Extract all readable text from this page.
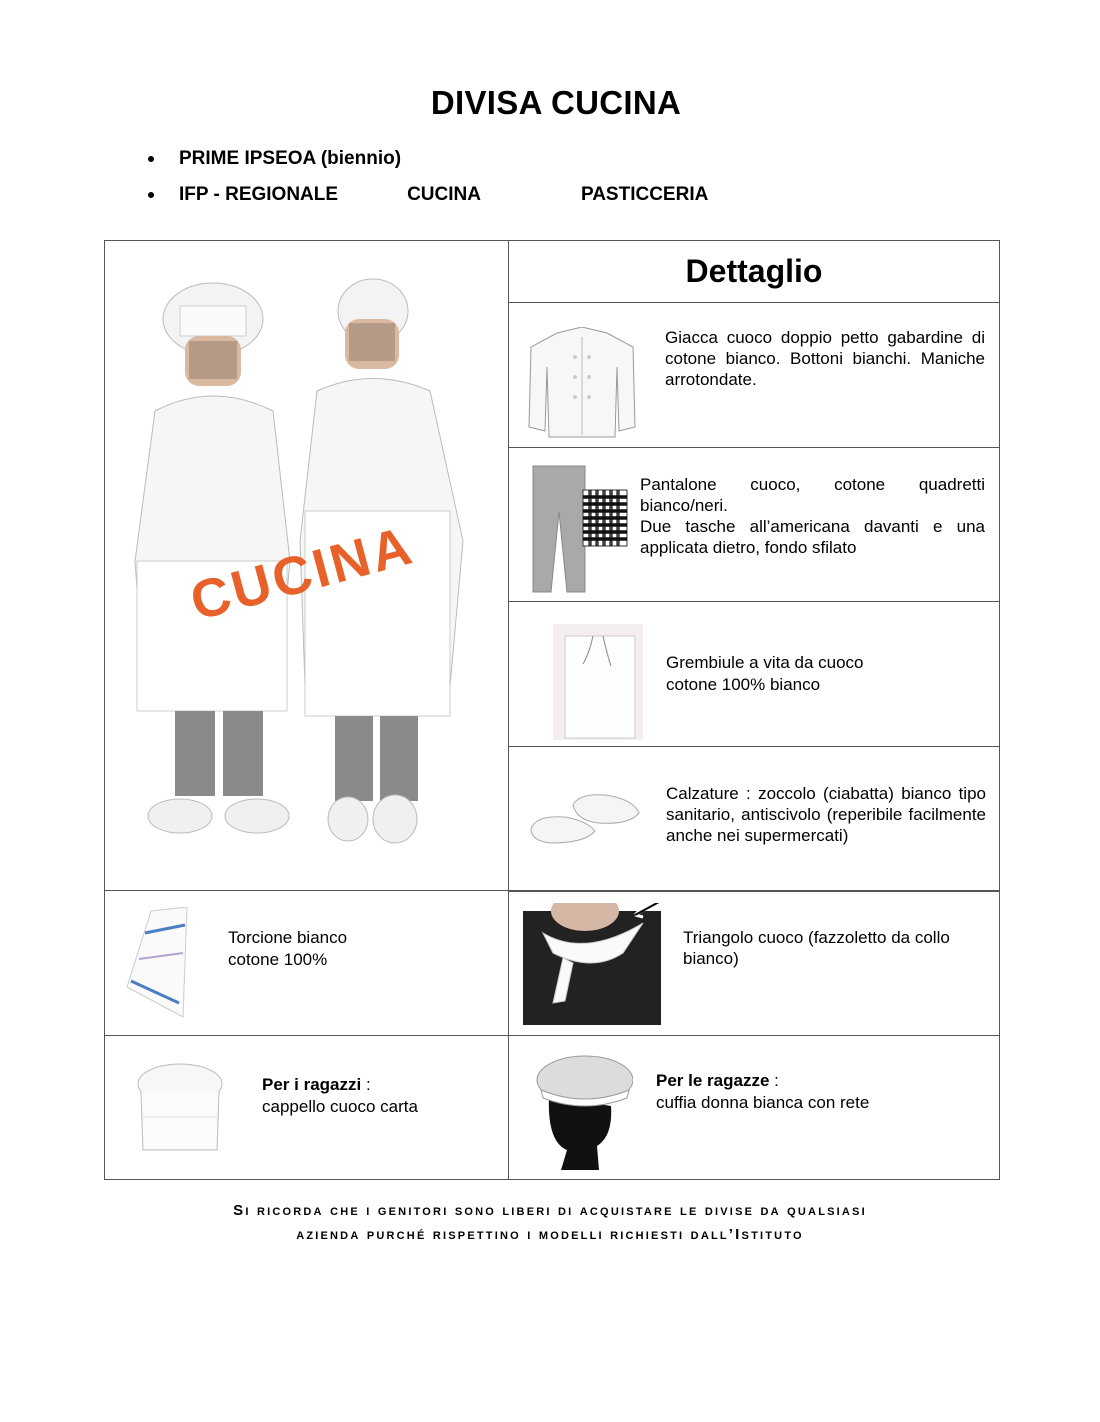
DIVISA CUCINA
PRIME IPSEOA (biennio)
IFP - REGIONALE	CUCINA	PASTICCERIA
CUCINA
Dettaglio
Giacca cuoco doppio petto gabardine di cotone bianco. Bottoni bianchi. Maniche arrotondate.
Pantalone cuoco, cotone quadretti bianco/neri.
Due tasche all’americana davanti e una applicata dietro, fondo sfilato
Grembiule a vita da cuoco
cotone 100% bianco
Calzature : zoccolo (ciabatta) bianco tipo sanitario, antiscivolo (reperibile facilmente anche nei supermercati)
Torcione bianco
cotone 100%
Triangolo cuoco (fazzoletto da collo bianco)
Per i ragazzi :
cappello cuoco carta
Per le ragazze :
cuffia donna bianca con rete
Si ricorda che i genitori sono liberi di acquistare le divise da qualsiasi
azienda purché rispettino i modelli richiesti dall’Istituto
